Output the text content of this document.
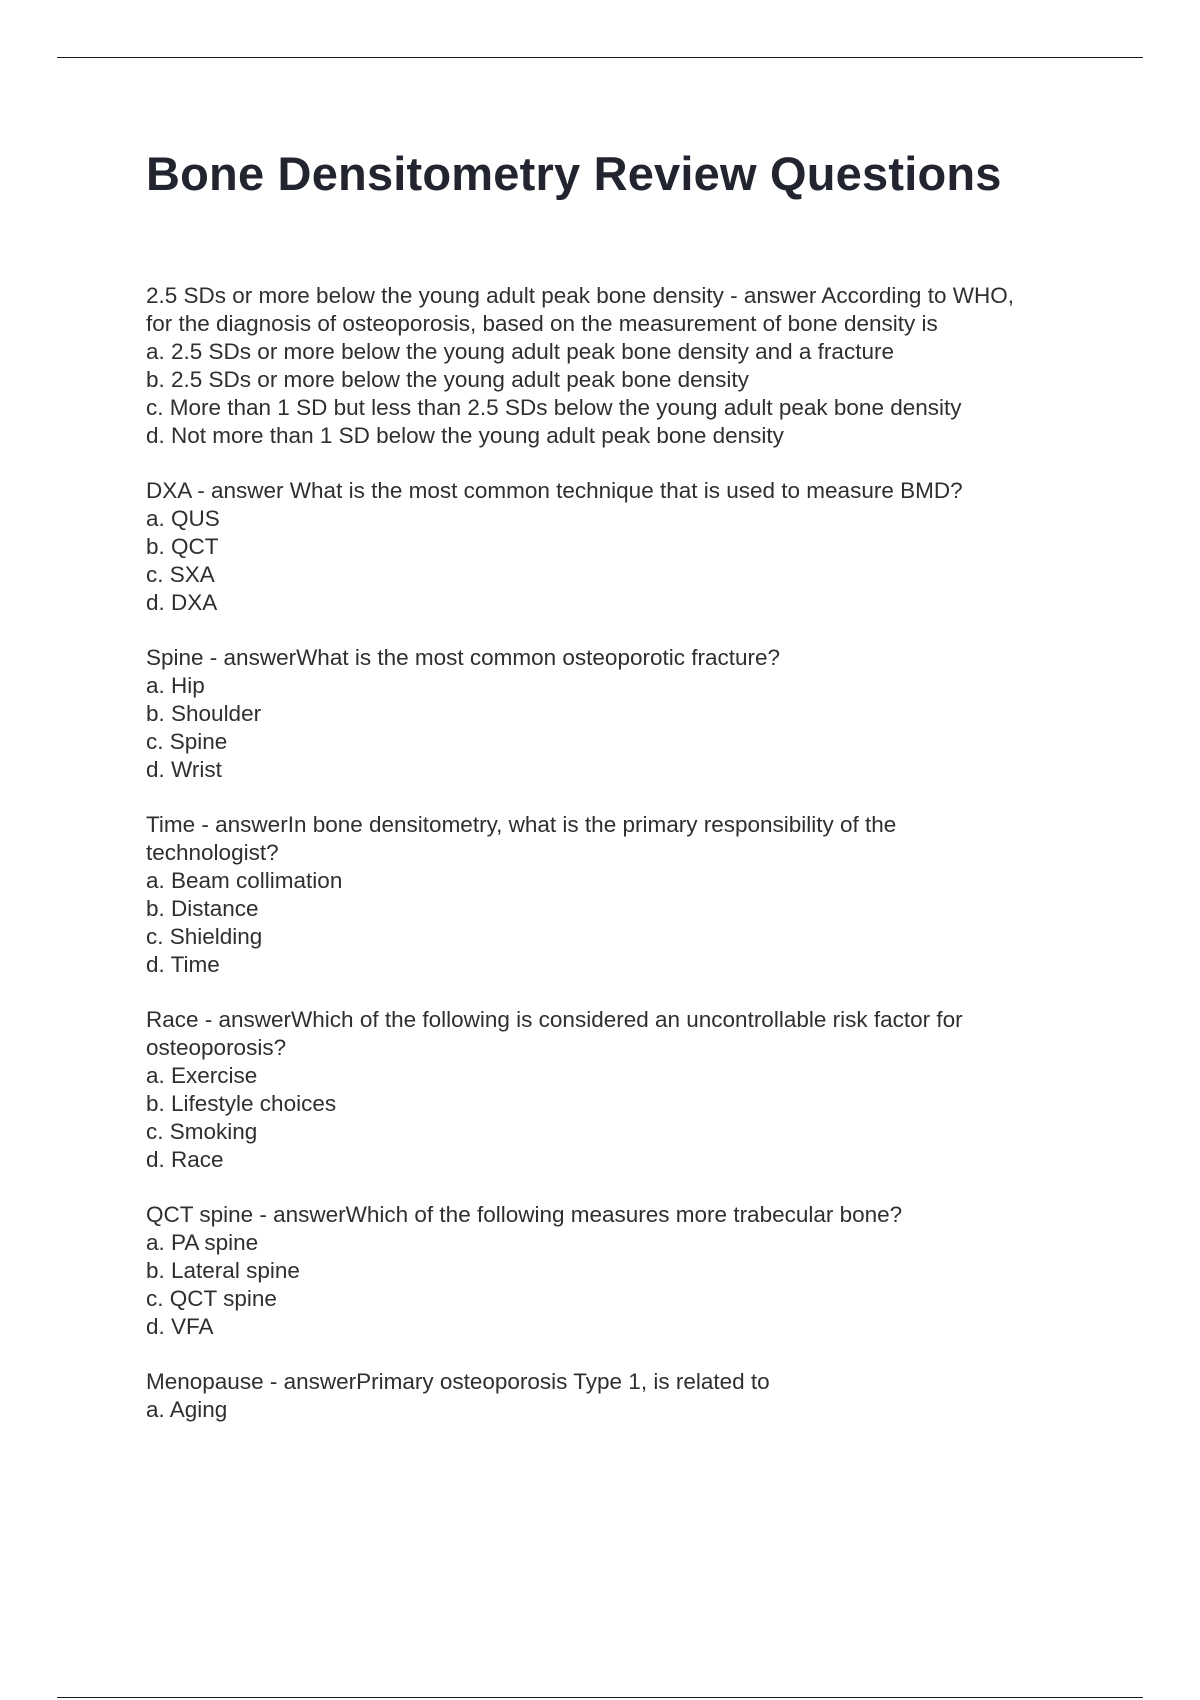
Bone Densitometry Review Questions
2.5 SDs or more below the young adult peak bone density - answer According to WHO,
for the diagnosis of osteoporosis, based on the measurement of bone density is
a. 2.5 SDs or more below the young adult peak bone density and a fracture
b. 2.5 SDs or more below the young adult peak bone density
c. More than 1 SD but less than 2.5 SDs below the young adult peak bone density
d. Not more than 1 SD below the young adult peak bone density
DXA - answer What is the most common technique that is used to measure BMD?
a. QUS
b. QCT
c. SXA
d. DXA
Spine - answerWhat is the most common osteoporotic fracture?
a. Hip
b. Shoulder
c. Spine
d. Wrist
Time - answerIn bone densitometry, what is the primary responsibility of the
technologist?
a. Beam collimation
b. Distance
c. Shielding
d. Time
Race - answerWhich of the following is considered an uncontrollable risk factor for
osteoporosis?
a. Exercise
b. Lifestyle choices
c. Smoking
d. Race
QCT spine - answerWhich of the following measures more trabecular bone?
a. PA spine
b. Lateral spine
c. QCT spine
d. VFA
Menopause - answerPrimary osteoporosis Type 1, is related to
a. Aging
